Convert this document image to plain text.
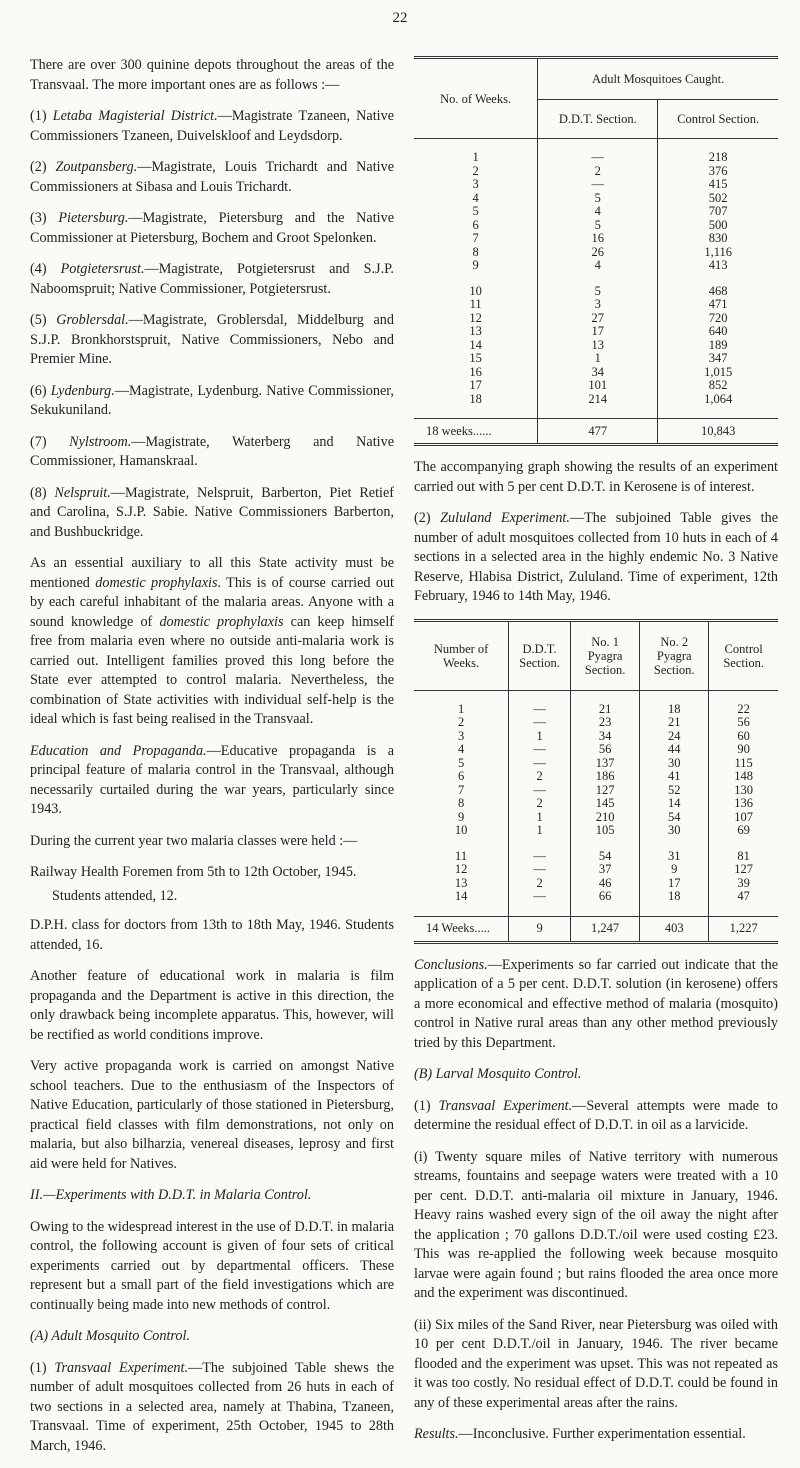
22

There are over 300 quinine depots throughout the areas of the Transvaal. The more important ones are as follows :—

(1) Letaba Magisterial District.—Magistrate Tzaneen, Native Commissioners Tzaneen, Duivelskloof and Leydsdorp.

(2) Zoutpansberg.—Magistrate, Louis Trichardt and Native Commissioners at Sibasa and Louis Trichardt.

(3) Pietersburg.—Magistrate, Pietersburg and the Native Commissioner at Pietersburg, Bochem and Groot Spelonken.

(4) Potgietersrust.—Magistrate, Potgietersrust and S.J.P. Naboomspruit; Native Commissioner, Potgietersrust.

(5) Groblersdal.—Magistrate, Groblersdal, Middelburg and S.J.P. Bronkhorstspruit, Native Commissioners, Nebo and Premier Mine.

(6) Lydenburg.—Magistrate, Lydenburg. Native Commissioner, Sekukuniland.

(7) Nylstroom.—Magistrate, Waterberg and Native Commissioner, Hamanskraal.

(8) Nelspruit.—Magistrate, Nelspruit, Barberton, Piet Retief and Carolina, S.J.P. Sabie. Native Commissioners Barberton, and Bushbuckridge.

As an essential auxiliary to all this State activity must be mentioned domestic prophylaxis. This is of course carried out by each careful inhabitant of the malaria areas. Anyone with a sound knowledge of domestic prophylaxis can keep himself free from malaria even where no outside anti-malaria work is carried out. Intelligent families proved this long before the State ever attempted to control malaria. Nevertheless, the combination of State activities with individual self-help is the ideal which is fast being realised in the Transvaal.

Education and Propaganda.—Educative propaganda is a principal feature of malaria control in the Transvaal, although necessarily curtailed during the war years, particularly since 1943.

During the current year two malaria classes were held :—

Railway Health Foremen from 5th to 12th October, 1945.

Students attended, 12.

D.P.H. class for doctors from 13th to 18th May, 1946. Students attended, 16.

Another feature of educational work in malaria is film propaganda and the Department is active in this direction, the only drawback being incomplete apparatus. This, however, will be rectified as world conditions improve.

Very active propaganda work is carried on amongst Native school teachers. Due to the enthusiasm of the Inspectors of Native Education, particularly of those stationed in Pietersburg, practical field classes with film demonstrations, not only on malaria, but also bilharzia, venereal diseases, leprosy and first aid were held for Natives.

II.—Experiments with D.D.T. in Malaria Control.

Owing to the widespread interest in the use of D.D.T. in malaria control, the following account is given of four sets of critical experiments carried out by departmental officers. These represent but a small part of the field investigations which are continually being made into new methods of control.

(A) Adult Mosquito Control.

(1) Transvaal Experiment.—The subjoined Table shews the number of adult mosquitoes collected from 26 huts in each of two sections in a selected area, namely at Thabina, Tzaneen, Transvaal. Time of experiment, 25th October, 1945 to 28th March, 1946.

No. of Weeks.	Adult Mosquitoes Caught.	
	D.D.T. Section.	Control Section.

1	—	218
2	2	376
3	—	415
4	5	502
5	4	707
6	5	500
7	16	830
8	26	1,116
9	4	413

10	5	468
11	3	471
12	27	720
13	17	640
14	13	189
15	1	347
16	34	1,015
17	101	852
18	214	1,064

18 weeks......	477	10,843

The accompanying graph showing the results of an experiment carried out with 5 per cent D.D.T. in Kerosene is of interest.

(2) Zululand Experiment.—The subjoined Table gives the number of adult mosquitoes collected from 10 huts in each of 4 sections in a selected area in the highly endemic No. 3 Native Reserve, Hlabisa District, Zululand. Time of experiment, 12th February, 1946 to 14th May, 1946.

Number of Weeks.	D.D.T. Section.	No. 1 Pyagra Section.	No. 2 Pyagra Section.	Control Section.

1	—	21	18	22
2	—	23	21	56
3	1	34	24	60
4	—	56	44	90
5	—	137	30	115
6	2	186	41	148
7	—	127	52	130
8	2	145	14	136
9	1	210	54	107
10	1	105	30	69

11	—	54	31	81
12	—	37	9	127
13	2	46	17	39
14	—	66	18	47

14 Weeks.....	9	1,247	403	1,227

Conclusions.—Experiments so far carried out indicate that the application of a 5 per cent. D.D.T. solution (in kerosene) offers a more economical and effective method of malaria (mosquito) control in Native rural areas than any other method previously tried by this Department.

(B) Larval Mosquito Control.

(1) Transvaal Experiment.—Several attempts were made to determine the residual effect of D.D.T. in oil as a larvicide.

(i) Twenty square miles of Native territory with numerous streams, fountains and seepage waters were treated with a 10 per cent. D.D.T. anti-malaria oil mixture in January, 1946. Heavy rains washed every sign of the oil away the night after the application ; 70 gallons D.D.T./oil were used costing £23. This was re-applied the following week because mosquito larvae were again found ; but rains flooded the area once more and the experiment was discontinued.

(ii) Six miles of the Sand River, near Pietersburg was oiled with 10 per cent D.D.T./oil in January, 1946. The river became flooded and the experiment was upset. This was not repeated as it was too costly. No residual effect of D.D.T. could be found in any of these experimental areas after the rains.

Results.—Inconclusive. Further experimentation essential.
